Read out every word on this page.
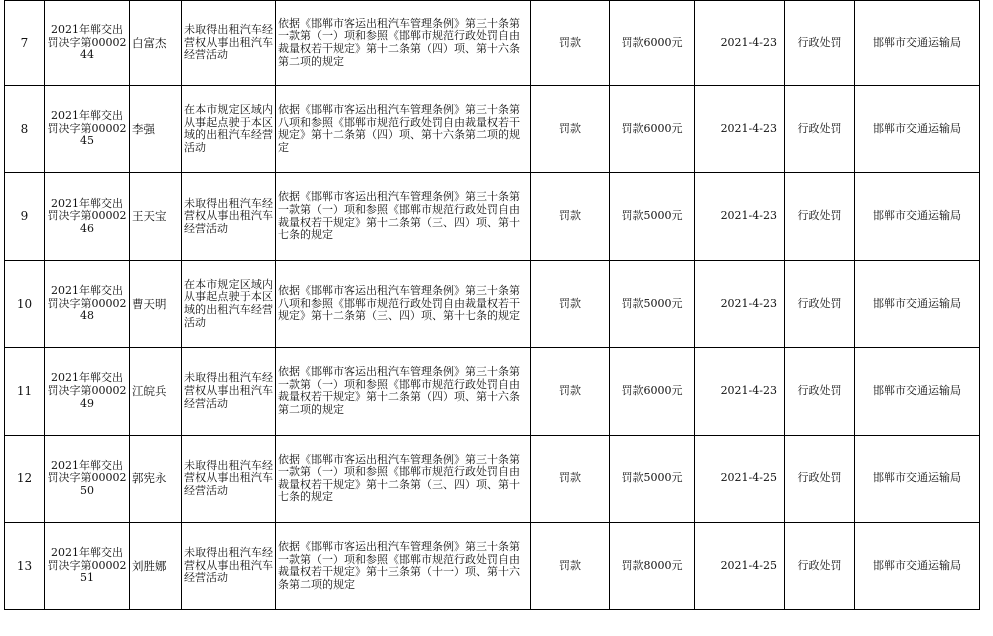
7	2021年郸交出罚决字第0000244	白富杰	未取得出租汽车经营权从事出租汽车经营活动	依据《邯郸市客运出租汽车管理条例》第三十条第一款第（一）项和参照《邯郸市规范行政处罚自由裁量权若干规定》第十二条第（四）项、第十六条第二项的规定	罚款	罚款6000元	2021-4-23	行政处罚	邯郸市交通运输局
8	2021年郸交出罚决字第0000245	李强	在本市规定区域内从事起点驶于本区域的出租汽车经营活动	依据《邯郸市客运出租汽车管理条例》第三十条第八项和参照《邯郸市规范行政处罚自由裁量权若干规定》第十二条第（四）项、第十六条第二项的规定	罚款	罚款6000元	2021-4-23	行政处罚	邯郸市交通运输局
9	2021年郸交出罚决字第0000246	王天宝	未取得出租汽车经营权从事出租汽车经营活动	依据《邯郸市客运出租汽车管理条例》第三十条第一款第（一）项和参照《邯郸市规范行政处罚自由裁量权若干规定》第十二条第（三、四）项、第十七条的规定	罚款	罚款5000元	2021-4-23	行政处罚	邯郸市交通运输局
10	2021年郸交出罚决字第0000248	曹天明	在本市规定区域内从事起点驶于本区域的出租汽车经营活动	依据《邯郸市客运出租汽车管理条例》第三十条第八项和参照《邯郸市规范行政处罚自由裁量权若干规定》第十二条第（三、四）项、第十七条的规定	罚款	罚款5000元	2021-4-23	行政处罚	邯郸市交通运输局
11	2021年郸交出罚决字第0000249	江皖兵	未取得出租汽车经营权从事出租汽车经营活动	依据《邯郸市客运出租汽车管理条例》第三十条第一款第（一）项和参照《邯郸市规范行政处罚自由裁量权若干规定》第十二条第（四）项、第十六条第二项的规定	罚款	罚款6000元	2021-4-23	行政处罚	邯郸市交通运输局
12	2021年郸交出罚决字第0000250	郭宪永	未取得出租汽车经营权从事出租汽车经营活动	依据《邯郸市客运出租汽车管理条例》第三十条第一款第（一）项和参照《邯郸市规范行政处罚自由裁量权若干规定》第十二条第（三、四）项、第十七条的规定	罚款	罚款5000元	2021-4-25	行政处罚	邯郸市交通运输局
13	2021年郸交出罚决字第0000251	刘胜娜	未取得出租汽车经营权从事出租汽车经营活动	依据《邯郸市客运出租汽车管理条例》第三十条第一款第（一）项和参照《邯郸市规范行政处罚自由裁量权若干规定》第十三条第（十一）项、第十六条第二项的规定	罚款	罚款8000元	2021-4-25	行政处罚	邯郸市交通运输局
